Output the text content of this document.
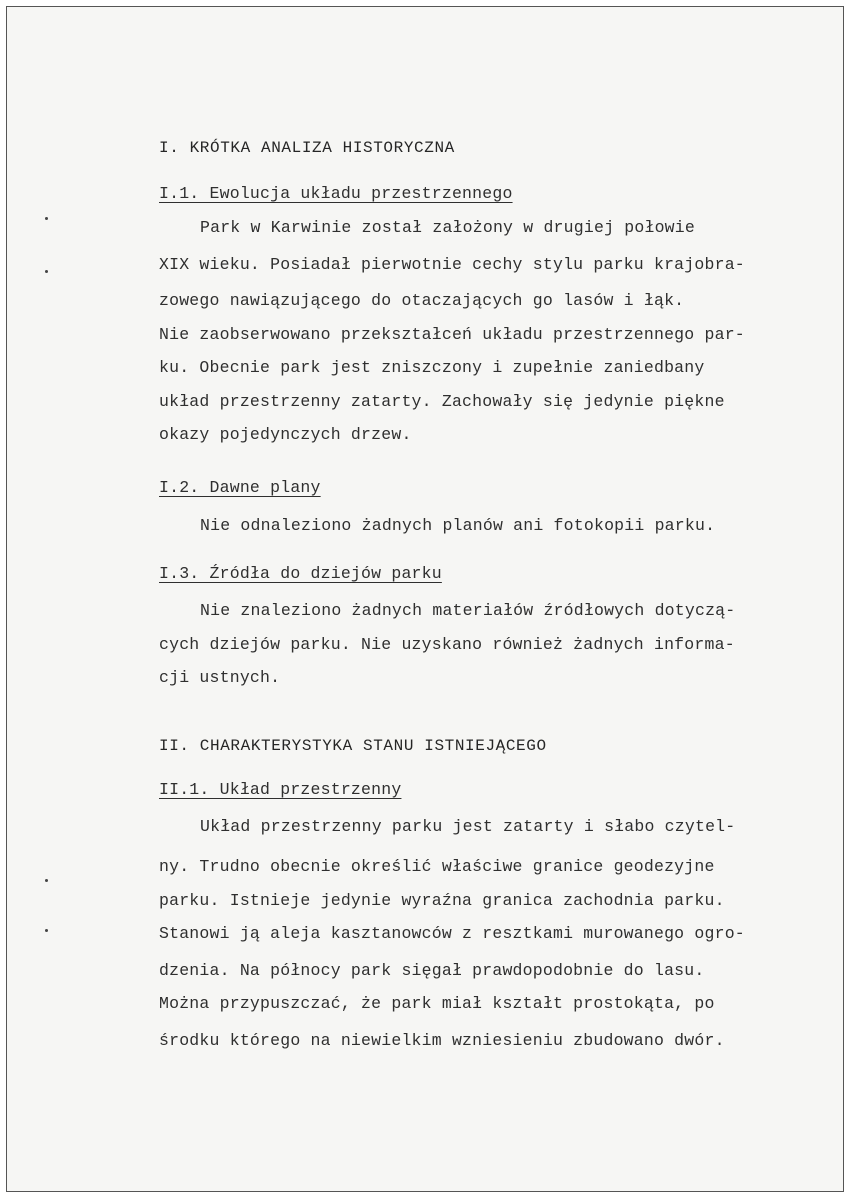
I. KRÓTKA ANALIZA HISTORYCZNA
I.1. Ewolucja układu przestrzennego
Park w Karwinie został założony w drugiej połowie
XIX wieku. Posiadał pierwotnie cechy stylu parku krajobra-
zowego nawiązującego do otaczających go lasów i łąk.
Nie zaobserwowano przekształceń układu przestrzennego par-
ku. Obecnie park jest zniszczony i zupełnie zaniedbany
układ przestrzenny zatarty. Zachowały się jedynie piękne
okazy pojedynczych drzew.
I.2. Dawne plany
Nie odnaleziono żadnych planów ani fotokopii parku.
I.3. Źródła do dziejów parku
Nie znaleziono żadnych materiałów źródłowych dotyczą-
cych dziejów parku. Nie uzyskano również żadnych informa-
cji ustnych.
II. CHARAKTERYSTYKA STANU ISTNIEJĄCEGO
II.1. Układ przestrzenny
Układ przestrzenny parku jest zatarty i słabo czytel-
ny. Trudno obecnie określić właściwe granice geodezyjne
parku. Istnieje jedynie wyraźna granica zachodnia parku.
Stanowi ją aleja kasztanowców z resztkami murowanego ogro-
dzenia. Na północy park sięgał prawdopodobnie do lasu.
Można przypuszczać, że park miał kształt prostokąta, po
środku którego na niewielkim wzniesieniu zbudowano dwór.
